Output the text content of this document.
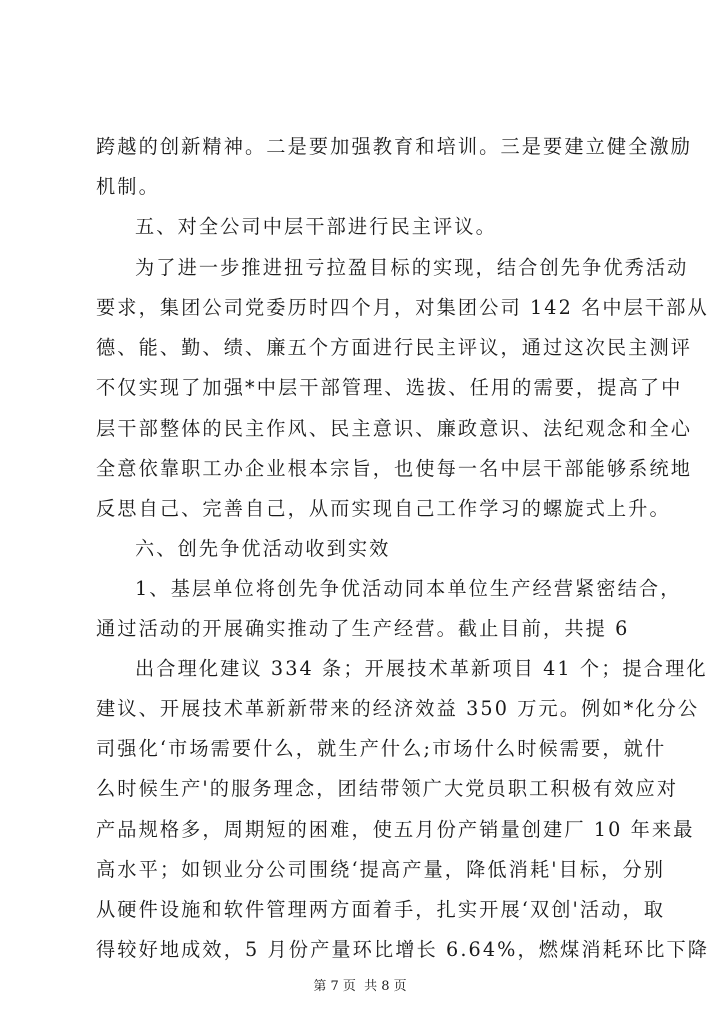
跨越的创新精神。二是要加强教育和培训。三是要建立健全激励
机制。
五、对全公司中层干部进行民主评议。
为了进一步推进扭亏拉盈目标的实现，结合创先争优秀活动
要求，集团公司党委历时四个月，对集团公司 142 名中层干部从
德、能、勤、绩、廉五个方面进行民主评议，通过这次民主测评
不仅实现了加强*中层干部管理、选拔、任用的需要，提高了中
层干部整体的民主作风、民主意识、廉政意识、法纪观念和全心
全意依靠职工办企业根本宗旨，也使每一名中层干部能够系统地
反思自己、完善自己，从而实现自己工作学习的螺旋式上升。
六、创先争优活动收到实效
1、基层单位将创先争优活动同本单位生产经营紧密结合，
通过活动的开展确实推动了生产经营。截止目前，共提 6
出合理化建议 334 条；开展技术革新项目 41 个；提合理化
建议、开展技术革新新带来的经济效益 350 万元。例如*化分公
司强化‘市场需要什么，就生产什么;市场什么时候需要，就什
么时候生产'的服务理念，团结带领广大党员职工积极有效应对
产品规格多，周期短的困难，使五月份产销量创建厂 10 年来最
高水平；如钡业分公司围绕‘提高产量，降低消耗'目标，分别
从硬件设施和软件管理两方面着手，扎实开展‘双创'活动，取
得较好地成效，5 月份产量环比增长 6.64%，燃煤消耗环比下降
第 7 页  共 8 页
